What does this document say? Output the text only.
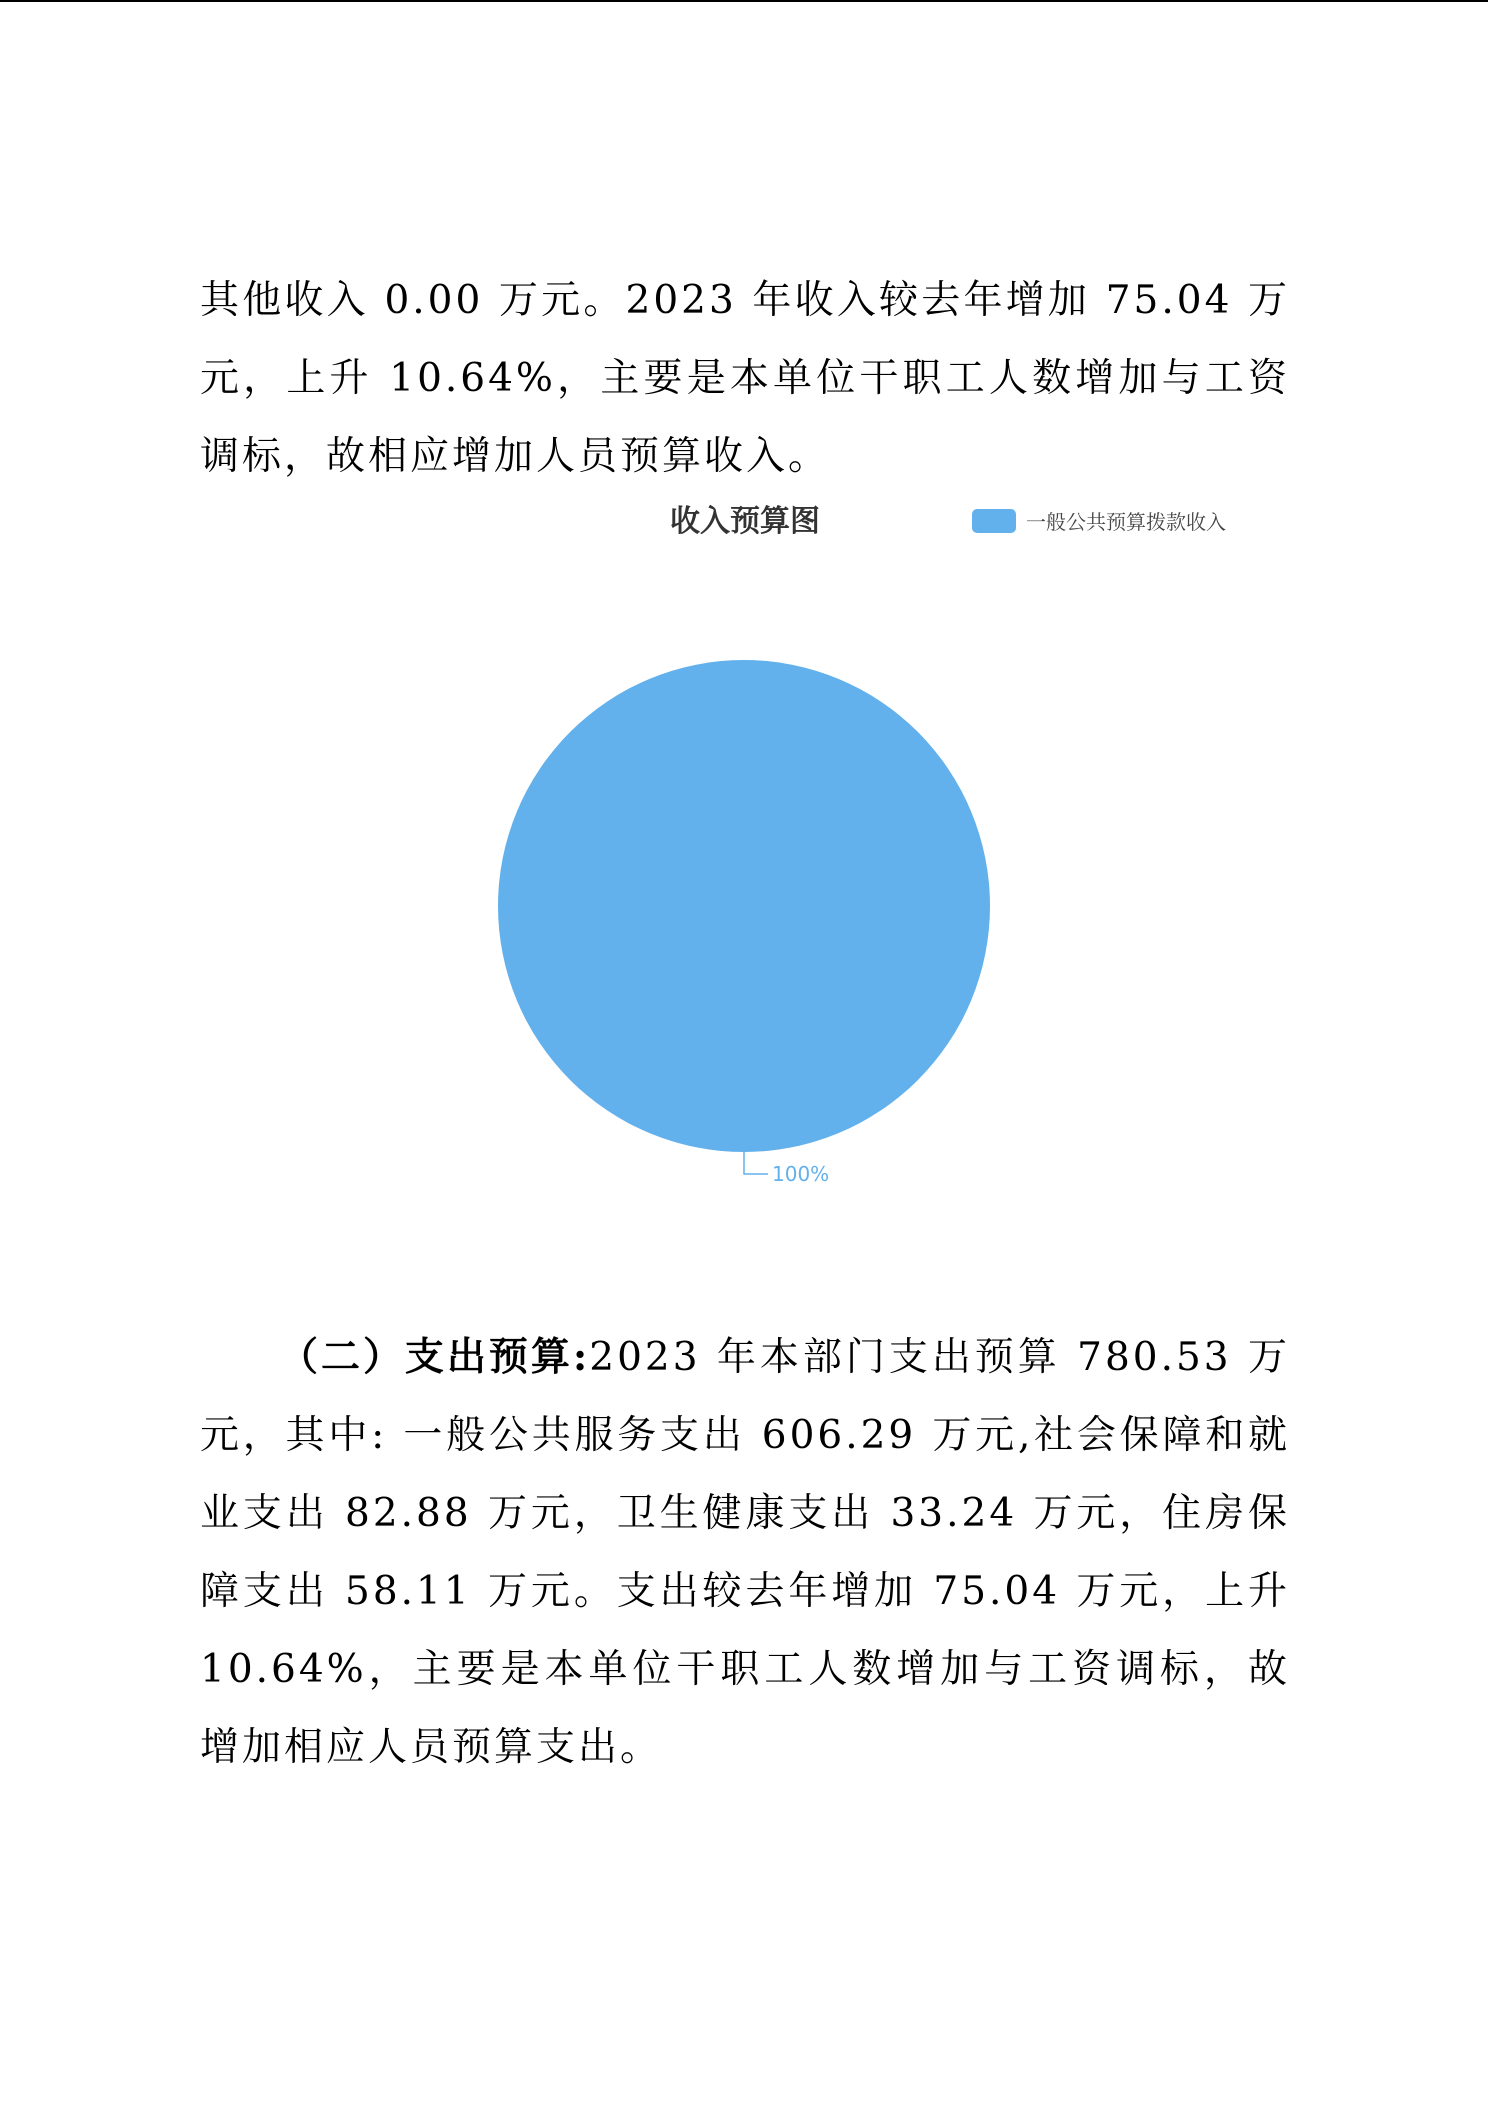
其他收入 0.00 万元。2023 年收入较去年增加 75.04 万元，上升 10.64%，主要是本单位干职工人数增加与工资调标，故相应增加人员预算收入。

收入预算图	一般公共预算拨款收入
100%

（二）支出预算:2023 年本部门支出预算 780.53 万元，其中: 一般公共服务支出 606.29 万元,社会保障和就业支出 82.88 万元，卫生健康支出 33.24 万元，住房保障支出 58.11 万元。支出较去年增加 75.04 万元，上升 10.64%，主要是本单位干职工人数增加与工资调标，故增加相应人员预算支出。
